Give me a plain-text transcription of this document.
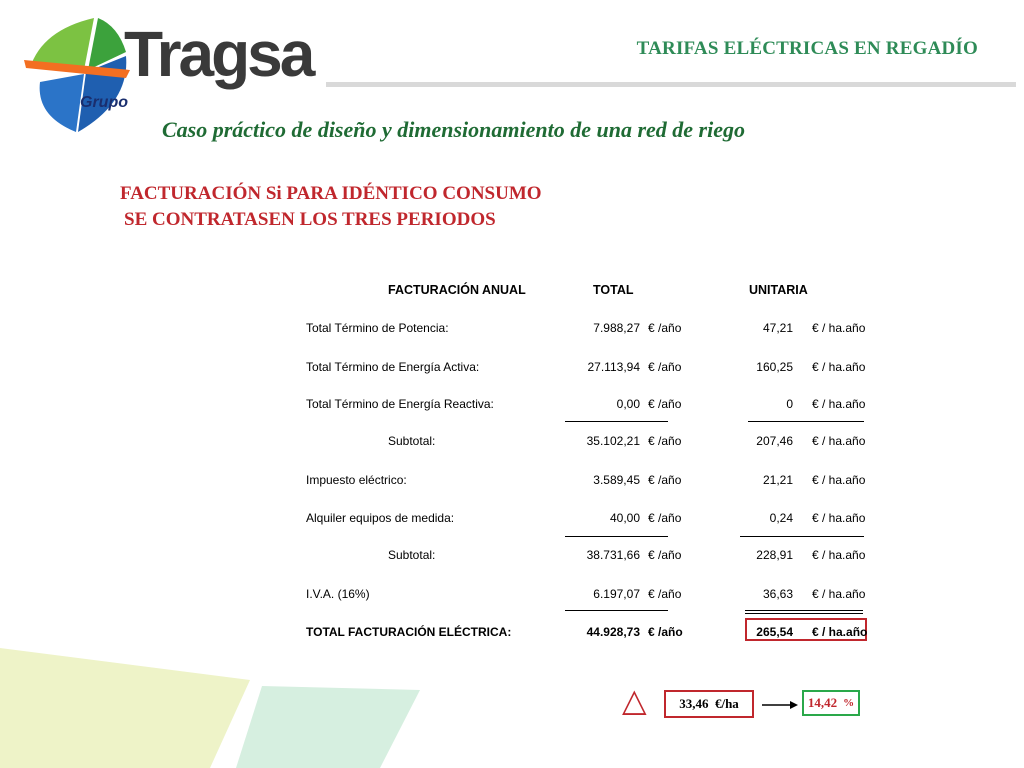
Tragsa
Grupo
TARIFAS ELÉCTRICAS EN REGADÍO
Caso práctico de diseño y dimensionamiento de una red de riego
FACTURACIÓN Si PARA IDÉNTICO CONSUMO
SE CONTRATASEN LOS TRES PERIODOS
FACTURACIÓN ANUAL	TOTAL	UNITARIA
Total Término de Potencia:	7.988,27 € /año	47,21 € / ha.año
Total Término de Energía Activa:	27.113,94 € /año	160,25 € / ha.año
Total Término de Energía Reactiva:	0,00 € /año	0 € / ha.año
Subtotal:	35.102,21 € /año	207,46 € / ha.año
Impuesto eléctrico:	3.589,45 € /año	21,21 € / ha.año
Alquiler equipos de medida:	40,00 € /año	0,24 € / ha.año
Subtotal:	38.731,66 € /año	228,91 € / ha.año
I.V.A. (16%)	6.197,07 € /año	36,63 € / ha.año
TOTAL FACTURACIÓN ELÉCTRICA:	44.928,73 € /año	265,54 € / ha.año
△	33,46
€/ha	14,42 %
